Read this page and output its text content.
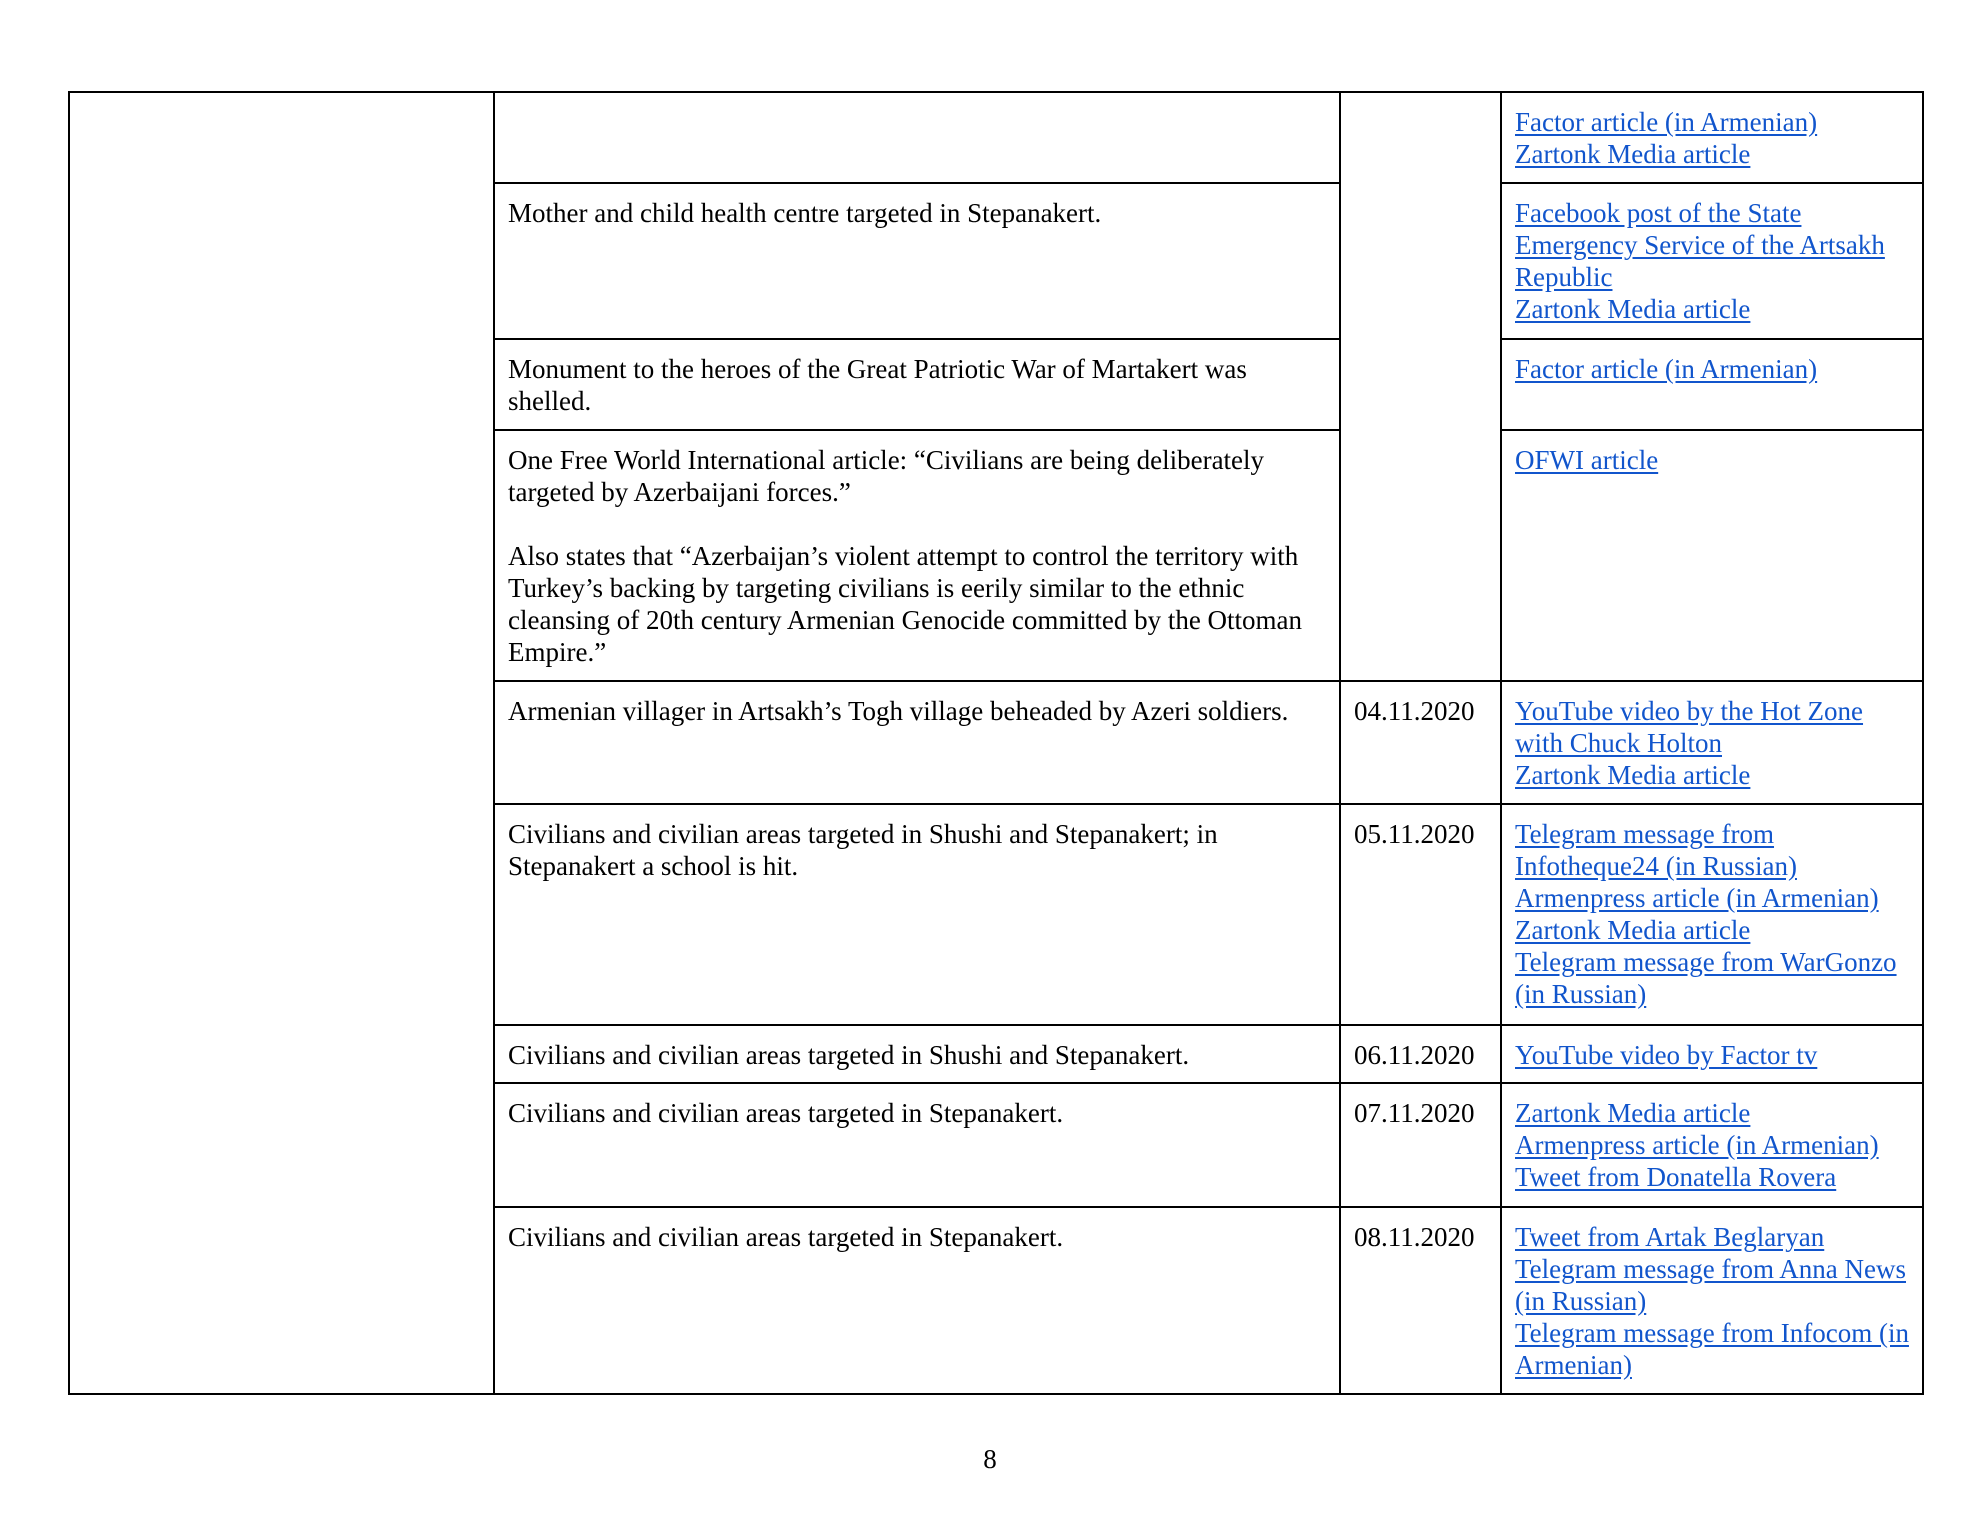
			Factor article (in Armenian)
Zartonk Media article

	Mother and child health centre targeted in Stepanakert.		Facebook post of the State Emergency Service of the Artsakh Republic
Zartonk Media article

	Monument to the heroes of the Great Patriotic War of Martakert was shelled.		Factor article (in Armenian)

	One Free World International article: “Civilians are being deliberately targeted by Azerbaijani forces.”

Also states that “Azerbaijan’s violent attempt to control the territory with Turkey’s backing by targeting civilians is eerily similar to the ethnic cleansing of 20th century Armenian Genocide committed by the Ottoman Empire.”		OFWI article

	Armenian villager in Artsakh’s Togh village beheaded by Azeri soldiers.	04.11.2020	YouTube video by the Hot Zone with Chuck Holton
Zartonk Media article

	Civilians and civilian areas targeted in Shushi and Stepanakert; in Stepanakert a school is hit.	05.11.2020	Telegram message from Infotheque24 (in Russian)
Armenpress article (in Armenian)
Zartonk Media article
Telegram message from WarGonzo (in Russian)

	Civilians and civilian areas targeted in Shushi and Stepanakert.	06.11.2020	YouTube video by Factor tv

	Civilians and civilian areas targeted in Stepanakert.	07.11.2020	Zartonk Media article
Armenpress article (in Armenian)
Tweet from Donatella Rovera

	Civilians and civilian areas targeted in Stepanakert.	08.11.2020	Tweet from Artak Beglaryan
Telegram message from Anna News (in Russian)
Telegram message from Infocom (in Armenian)
8
